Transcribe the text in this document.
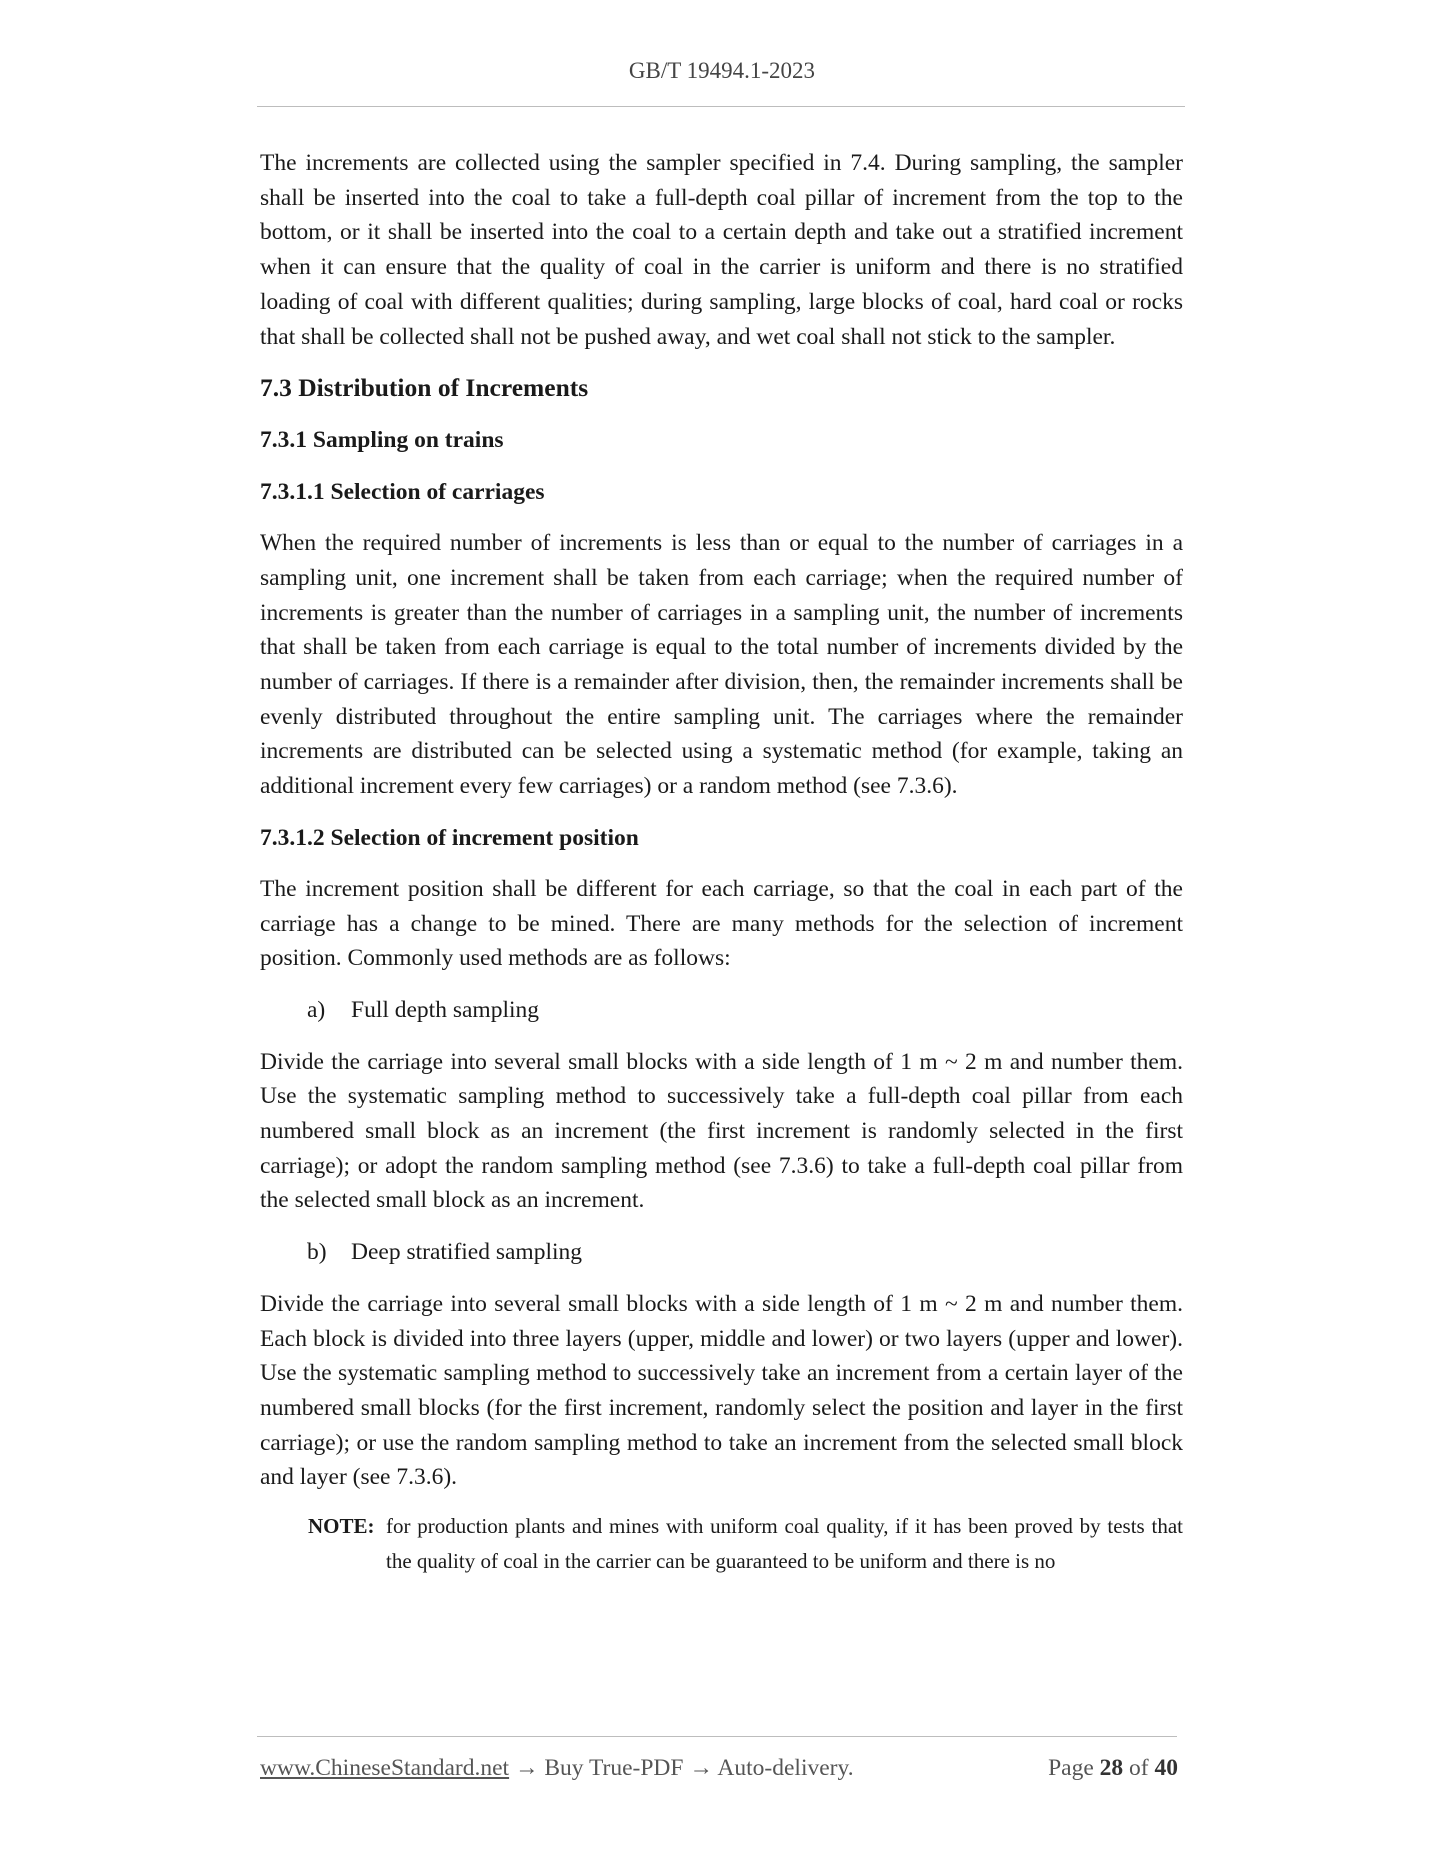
GB/T 19494.1-2023

The increments are collected using the sampler specified in 7.4. During sampling, the sampler shall be inserted into the coal to take a full-depth coal pillar of increment from the top to the bottom, or it shall be inserted into the coal to a certain depth and take out a stratified increment when it can ensure that the quality of coal in the carrier is uniform and there is no stratified loading of coal with different qualities; during sampling, large blocks of coal, hard coal or rocks that shall be collected shall not be pushed away, and wet coal shall not stick to the sampler.

7.3 Distribution of Increments
7.3.1 Sampling on trains
7.3.1.1 Selection of carriages

When the required number of increments is less than or equal to the number of carriages in a sampling unit, one increment shall be taken from each carriage; when the required number of increments is greater than the number of carriages in a sampling unit, the number of increments that shall be taken from each carriage is equal to the total number of increments divided by the number of carriages. If there is a remainder after division, then, the remainder increments shall be evenly distributed throughout the entire sampling unit. The carriages where the remainder increments are distributed can be selected using a systematic method (for example, taking an additional increment every few carriages) or a random method (see 7.3.6).

7.3.1.2 Selection of increment position

The increment position shall be different for each carriage, so that the coal in each part of the carriage has a change to be mined. There are many methods for the selection of increment position. Commonly used methods are as follows:

a) Full depth sampling

Divide the carriage into several small blocks with a side length of 1 m ~ 2 m and number them. Use the systematic sampling method to successively take a full-depth coal pillar from each numbered small block as an increment (the first increment is randomly selected in the first carriage); or adopt the random sampling method (see 7.3.6) to take a full-depth coal pillar from the selected small block as an increment.

b) Deep stratified sampling

Divide the carriage into several small blocks with a side length of 1 m ~ 2 m and number them. Each block is divided into three layers (upper, middle and lower) or two layers (upper and lower). Use the systematic sampling method to successively take an increment from a certain layer of the numbered small blocks (for the first increment, randomly select the position and layer in the first carriage); or use the random sampling method to take an increment from the selected small block and layer (see 7.3.6).

NOTE: for production plants and mines with uniform coal quality, if it has been proved by tests that the quality of coal in the carrier can be guaranteed to be uniform and there is no
www.ChineseStandard.net → Buy True-PDF → Auto-delivery.	Page 28 of 40
